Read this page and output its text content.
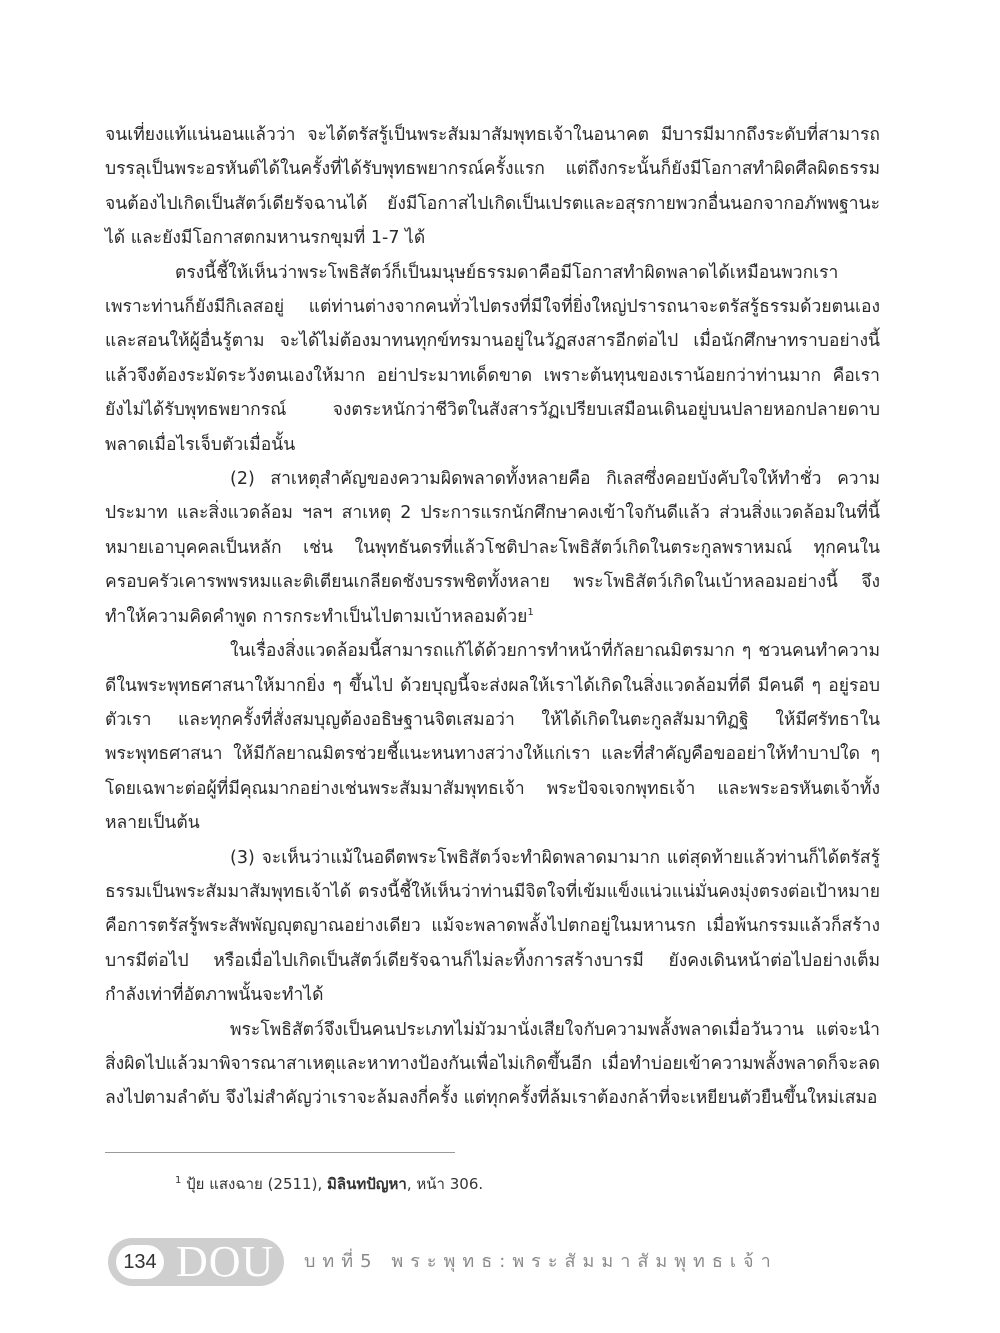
จนเที่ยงแท้แน่นอนแล้วว่า จะได้ตรัสรู้เป็นพระสัมมาสัมพุทธเจ้าในอนาคต มีบารมีมากถึงระดับที่สามารถบรรลุเป็นพระอรหันต์ได้ในครั้งที่ได้รับพุทธพยากรณ์ครั้งแรก แต่ถึงกระนั้นก็ยังมีโอกาสทำผิดศีลผิดธรรมจนต้องไปเกิดเป็นสัตว์เดียรัจฉานได้ ยังมีโอกาสไปเกิดเป็นเปรตและอสุรกายพวกอื่นนอกจากอภัพพฐานะ ได้ และยังมีโอกาสตกมหานรกขุมที่ 1-7 ได้

ตรงนี้ชี้ให้เห็นว่าพระโพธิสัตว์ก็เป็นมนุษย์ธรรมดาคือมีโอกาสทำผิดพลาดได้เหมือนพวกเรา เพราะท่านก็ยังมีกิเลสอยู่ แต่ท่านต่างจากคนทั่วไปตรงที่มีใจที่ยิ่งใหญ่ปรารถนาจะตรัสรู้ธรรมด้วยตนเองและสอนให้ผู้อื่นรู้ตาม จะได้ไม่ต้องมาทนทุกข์ทรมานอยู่ในวัฏสงสารอีกต่อไป เมื่อนักศึกษาทราบอย่างนี้แล้วจึงต้องระมัดระวังตนเองให้มาก อย่าประมาทเด็ดขาด เพราะต้นทุนของเราน้อยกว่าท่านมาก คือเรายังไม่ได้รับพุทธพยากรณ์ จงตระหนักว่าชีวิตในสังสารวัฏเปรียบเสมือนเดินอยู่บนปลายหอกปลายดาบ พลาดเมื่อไรเจ็บตัวเมื่อนั้น

(2) สาเหตุสำคัญของความผิดพลาดทั้งหลายคือ กิเลสซึ่งคอยบังคับใจให้ทำชั่ว ความประมาท และสิ่งแวดล้อม ฯลฯ สาเหตุ 2 ประการแรกนักศึกษาคงเข้าใจกันดีแล้ว ส่วนสิ่งแวดล้อมในที่นี้หมายเอาบุคคลเป็นหลัก เช่น ในพุทธันดรที่แล้วโชติปาละโพธิสัตว์เกิดในตระกูลพราหมณ์ ทุกคนในครอบครัวเคารพพรหมและติเตียนเกลียดชังบรรพชิตทั้งหลาย พระโพธิสัตว์เกิดในเบ้าหลอมอย่างนี้ จึงทำให้ความคิดคำพูด การกระทำเป็นไปตามเบ้าหลอมด้วย$^1$

ในเรื่องสิ่งแวดล้อมนี้สามารถแก้ได้ด้วยการทำหน้าที่กัลยาณมิตรมาก ๆ ชวนคนทำความดีในพระพุทธศาสนาให้มากยิ่ง ๆ ขึ้นไป ด้วยบุญนี้จะส่งผลให้เราได้เกิดในสิ่งแวดล้อมที่ดี มีคนดี ๆ อยู่รอบตัวเรา และทุกครั้งที่สั่งสมบุญต้องอธิษฐานจิตเสมอว่า ให้ได้เกิดในตะกูลสัมมาทิฏฐิ ให้มีศรัทธาในพระพุทธศาสนา ให้มีกัลยาณมิตรช่วยชี้แนะหนทางสว่างให้แก่เรา และที่สำคัญคือขออย่าให้ทำบาปใด ๆ โดยเฉพาะต่อผู้ที่มีคุณมากอย่างเช่นพระสัมมาสัมพุทธเจ้า พระปัจจเจกพุทธเจ้า และพระอรหันตเจ้าทั้งหลายเป็นต้น

(3) จะเห็นว่าแม้ในอดีตพระโพธิสัตว์จะทำผิดพลาดมามาก แต่สุดท้ายแล้วท่านก็ได้ตรัสรู้ธรรมเป็นพระสัมมาสัมพุทธเจ้าได้ ตรงนี้ชี้ให้เห็นว่าท่านมีจิตใจที่เข้มแข็งแน่วแน่มั่นคงมุ่งตรงต่อเป้าหมายคือการตรัสรู้พระสัพพัญญุตญาณอย่างเดียว แม้จะพลาดพลั้งไปตกอยู่ในมหานรก เมื่อพ้นกรรมแล้วก็สร้างบารมีต่อไป หรือเมื่อไปเกิดเป็นสัตว์เดียรัจฉานก็ไม่ละทิ้งการสร้างบารมี ยังคงเดินหน้าต่อไปอย่างเต็มกำลังเท่าที่อัตภาพนั้นจะทำได้

พระโพธิสัตว์จึงเป็นคนประเภทไม่มัวมานั่งเสียใจกับความพลั้งพลาดเมื่อวันวาน แต่จะนำสิ่งผิดไปแล้วมาพิจารณาสาเหตุและหาทางป้องกันเพื่อไม่เกิดขึ้นอีก เมื่อทำบ่อยเข้าความพลั้งพลาดก็จะลดลงไปตามลำดับ จึงไม่สำคัญว่าเราจะล้มลงกี่ครั้ง แต่ทุกครั้งที่ล้มเราต้องกล้าที่จะเหยียนตัวยืนขึ้นใหม่เสมอ

$^1$ ปุ้ย แสงฉาย (2511), มิลินทปัญหา, หน้า 306.
134 DOU บทที่5 พระพุทธ:พระสัมมาสัมพุทธเจ้า
